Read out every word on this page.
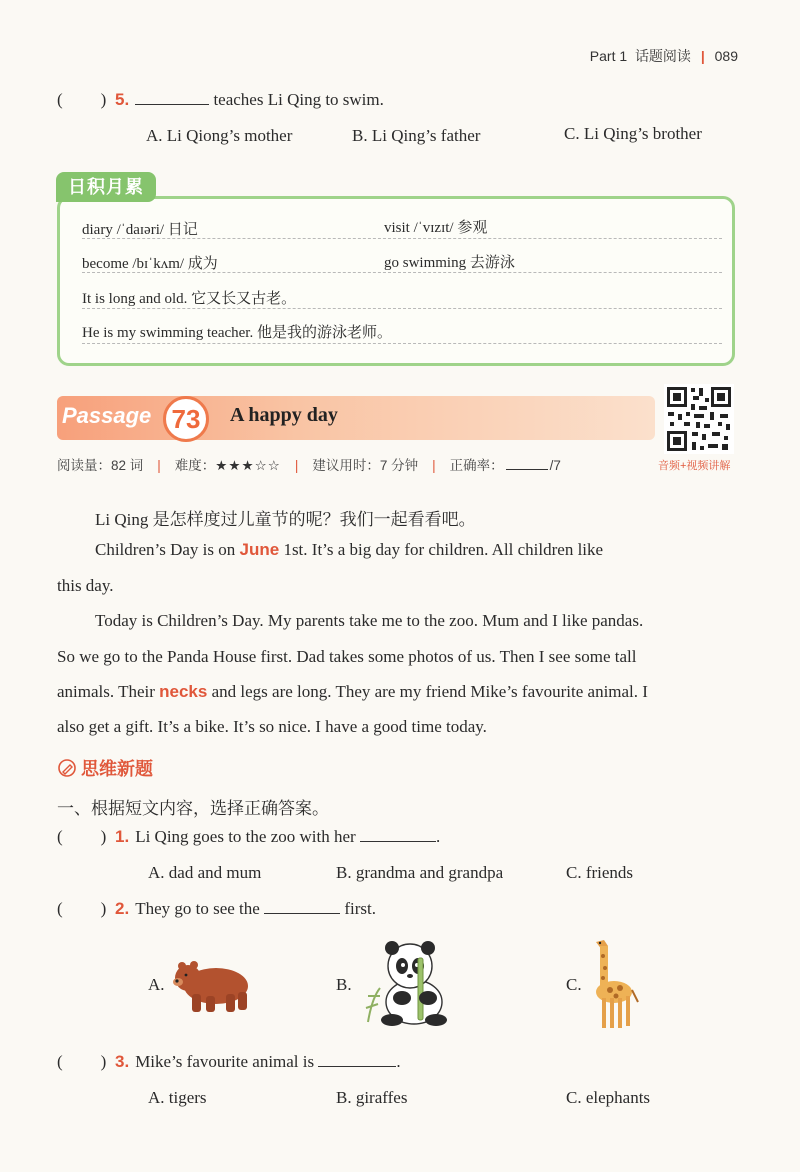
Part 1 话题阅读 | 089
( ) 5.	teaches Li Qing to swim.
A. Li Qiong’s mother	B. Li Qing’s father	C. Li Qing’s brother
日积月累
diary /ˈdaɪəri/ 日记	visit /ˈvɪzɪt/ 参观
become /bɪˈkʌm/ 成为	go swimming 去游泳
It is long and old. 它又长又古老。
He is my swimming teacher. 他是我的游泳老师。
Passage 73	A happy day
音频+视频讲解
阅读量：82 词 | 难度：★★★☆☆ | 建议用时：7 分钟 | 正确率：	/7
Li Qing 是怎样度过儿童节的呢？我们一起看看吧。
Children’s Day is on June 1st. It’s a big day for children. All children like
this day.
Today is Children’s Day. My parents take me to the zoo. Mum and I like pandas.
So we go to the Panda House first. Dad takes some photos of us. Then I see some tall
animals. Their necks and legs are long. They are my friend Mike’s favourite animal. I
also get a gift. It’s a bike. It’s so nice. I have a good time today.
思维新题
一、根据短文内容，选择正确答案。
( ) 1. Li Qing goes to the zoo with her	.
A. dad and mum	B. grandma and grandpa	C. friends
( ) 2. They go to see the	first.
A.	B.	C.
( ) 3. Mike’s favourite animal is	.
A. tigers	B. giraffes	C. elephants
